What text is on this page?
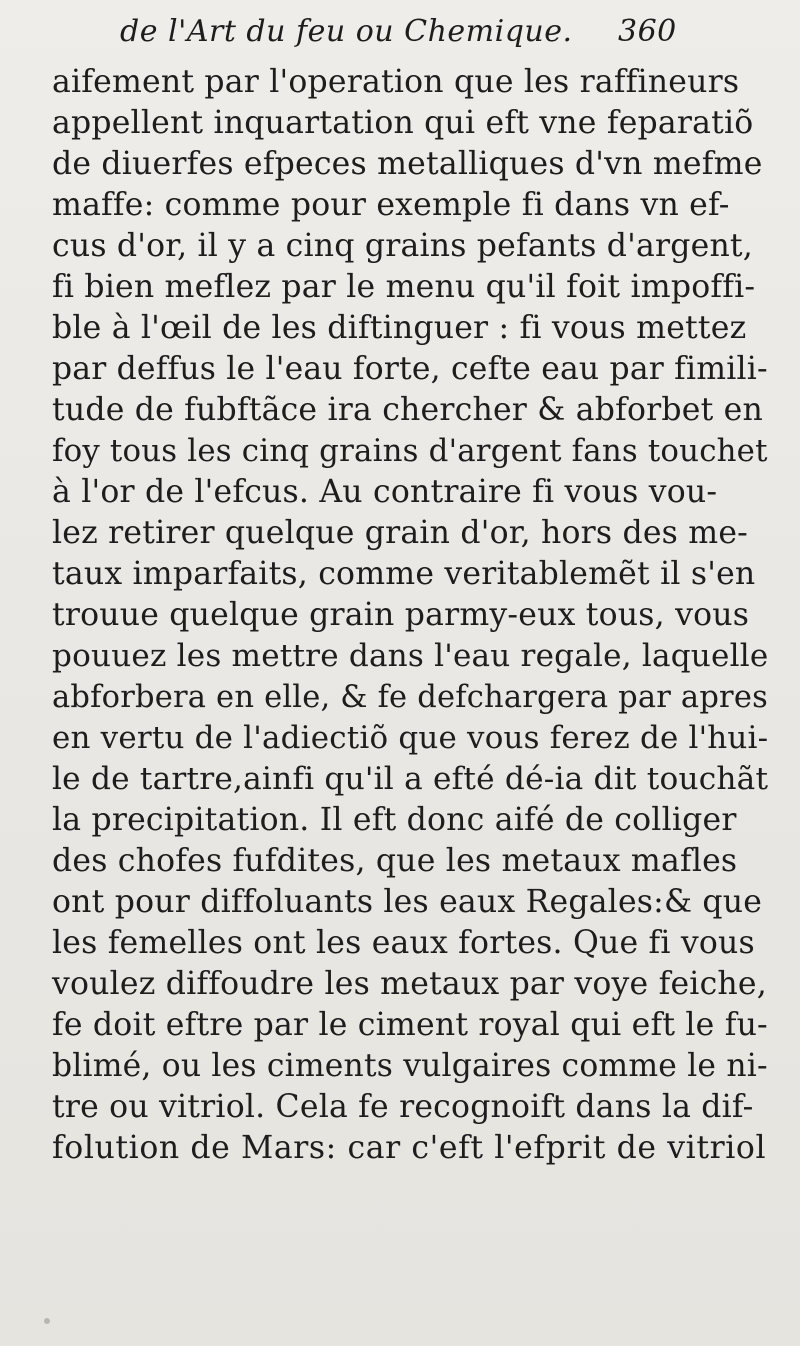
de l'Art du feu ou Chemique. 360
aifement par l'operation que les raffineurs
appellent inquartation qui eft vne feparatiõ
de diuerfes efpeces metalliques d'vn mefme
maffe: comme pour exemple fi dans vn ef-
cus d'or, il y a cinq grains pefants d'argent,
fi bien meflez par le menu qu'il foit impoffi-
ble à l'œil de les diftinguer : fi vous mettez
par deffus le l'eau forte, cefte eau par fimili-
tude de fubftãce ira chercher & abforbet en
foy tous les cinq grains d'argent fans touchet
à l'or de l'efcus. Au contraire fi vous vou-
lez retirer quelque grain d'or, hors des me-
taux imparfaits, comme veritablemẽt il s'en
trouue quelque grain parmy-eux tous, vous
pouuez les mettre dans l'eau regale, laquelle
abforbera en elle, & fe defchargera par apres
en vertu de l'adiectiõ que vous ferez de l'hui-
le de tartre,ainfi qu'il a efté dé-ia dit touchãt
la precipitation. Il eft donc aifé de colliger
des chofes fufdites, que les metaux mafles
ont pour diffoluants les eaux Regales:& que
les femelles ont les eaux fortes. Que fi vous
voulez diffoudre les metaux par voye feiche,
fe doit eftre par le ciment royal qui eft le fu-
blimé, ou les ciments vulgaires comme le ni-
tre ou vitriol. Cela fe recognoift dans la dif-
folution de Mars: car c'eft l'efprit de vitriol
